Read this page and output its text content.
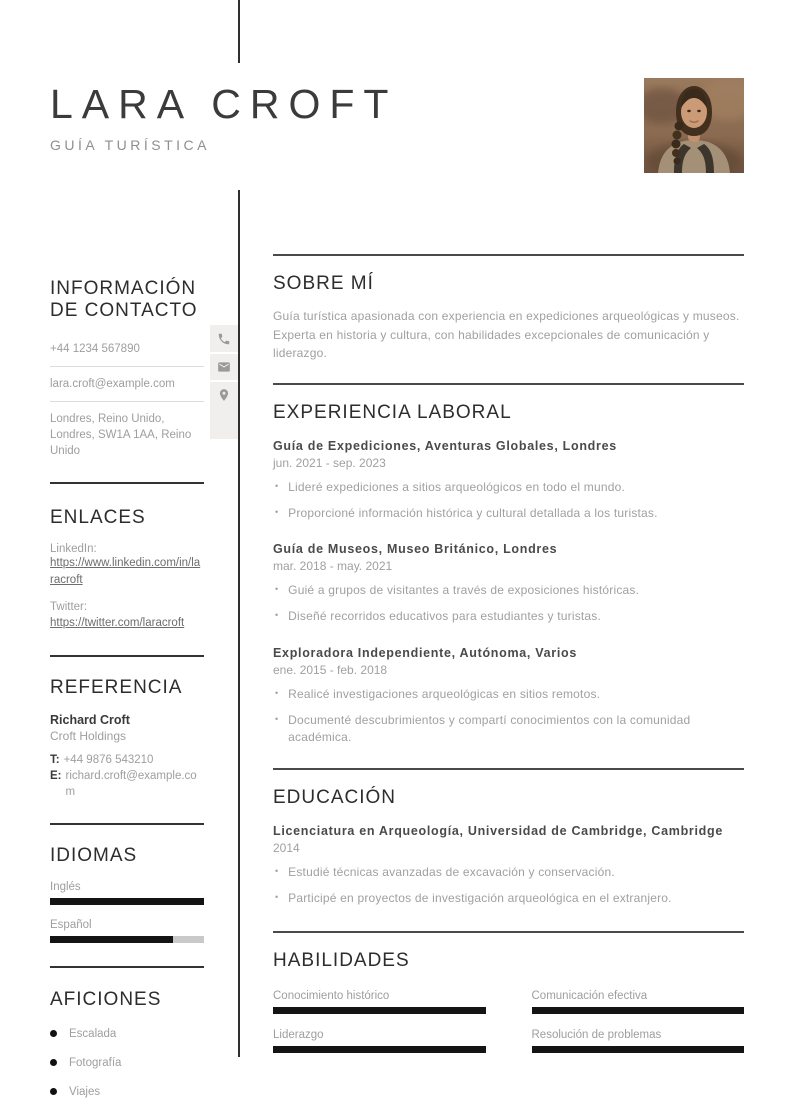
LARA CROFT
GUÍA TURÍSTICA
INFORMACIÓN DE CONTACTO
+44 1234 567890
lara.croft@example.com
Londres, Reino Unido, Londres, SW1A 1AA, Reino Unido
ENLACES
LinkedIn:
https://www.linkedin.com/in/laracroft
Twitter:
https://twitter.com/laracroft
REFERENCIA
Richard Croft
Croft Holdings
T: +44 9876 543210
E: richard.croft@example.com
IDIOMAS
Inglés
Español
AFICIONES
Escalada
Fotografía
Viajes
SOBRE MÍ
Guía turística apasionada con experiencia en expediciones arqueológicas y museos. Experta en historia y cultura, con habilidades excepcionales de comunicación y liderazgo.
EXPERIENCIA LABORAL
Guía de Expediciones, Aventuras Globales, Londres
jun. 2021 - sep. 2023
• Lideré expediciones a sitios arqueológicos en todo el mundo.
• Proporcioné información histórica y cultural detallada a los turistas.
Guía de Museos, Museo Británico, Londres
mar. 2018 - may. 2021
• Guié a grupos de visitantes a través de exposiciones históricas.
• Diseñé recorridos educativos para estudiantes y turistas.
Exploradora Independiente, Autónoma, Varios
ene. 2015 - feb. 2018
• Realicé investigaciones arqueológicas en sitios remotos.
• Documenté descubrimientos y compartí conocimientos con la comunidad académica.
EDUCACIÓN
Licenciatura en Arqueología, Universidad de Cambridge, Cambridge
2014
• Estudié técnicas avanzadas de excavación y conservación.
• Participé en proyectos de investigación arqueológica en el extranjero.
HABILIDADES
Conocimiento histórico	Comunicación efectiva
Liderazgo	Resolución de problemas
